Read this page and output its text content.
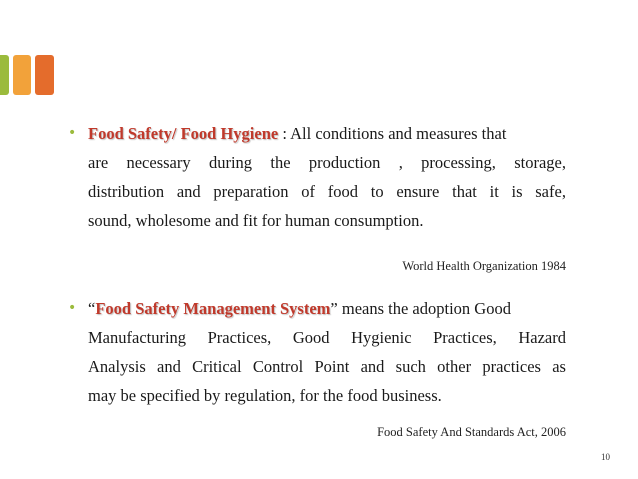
• Food Safety/ Food Hygiene : All conditions and measures that
are necessary during the production , processing, storage,
distribution and preparation of food to ensure that it is safe,
sound, wholesome and fit for human consumption.
World Health Organization 1984
• “ Food Safety Management System ” means the adoption Good
Manufacturing Practices, Good Hygienic Practices, Hazard
Analysis and Critical Control Point and such other practices as
may be specified by regulation, for the food business.
Food Safety And Standards Act, 2006
10
